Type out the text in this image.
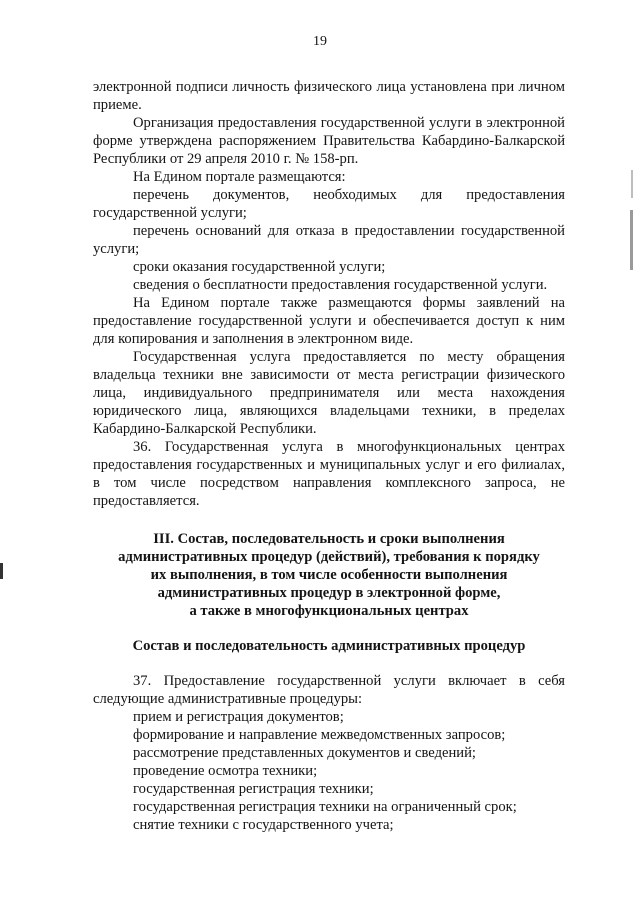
19

электронной подписи личность физического лица установлена при личном приеме.

Организация предоставления государственной услуги в электронной форме утверждена распоряжением Правительства Кабардино-Балкарской Республики от 29 апреля 2010 г. № 158-рп.

На Едином портале размещаются:

перечень документов, необходимых для предоставления государственной услуги;

перечень оснований для отказа в предоставлении государственной услуги;

сроки оказания государственной услуги;

сведения о бесплатности предоставления государственной услуги.

На Едином портале также размещаются формы заявлений на предоставление государственной услуги и обеспечивается доступ к ним для копирования и заполнения в электронном виде.

Государственная услуга предоставляется по месту обращения владельца техники вне зависимости от места регистрации физического лица, индивидуального предпринимателя или места нахождения юридического лица, являющихся владельцами техники, в пределах Кабардино-Балкарской Республики.

36. Государственная услуга в многофункциональных центрах предоставления государственных и муниципальных услуг и его филиалах, в том числе посредством направления комплексного запроса, не предоставляется.

III. Состав, последовательность и сроки выполнения
административных процедур (действий), требования к порядку
их выполнения, в том числе особенности выполнения
административных процедур в электронной форме,
а также в многофункциональных центрах
Состав и последовательность административных процедур

37. Предоставление государственной услуги включает в себя следующие административные процедуры:

прием и регистрация документов;
формирование и направление межведомственных запросов;
рассмотрение представленных документов и сведений;
проведение осмотра техники;
государственная регистрация техники;
государственная регистрация техники на ограниченный срок;
снятие техники с государственного учета;
